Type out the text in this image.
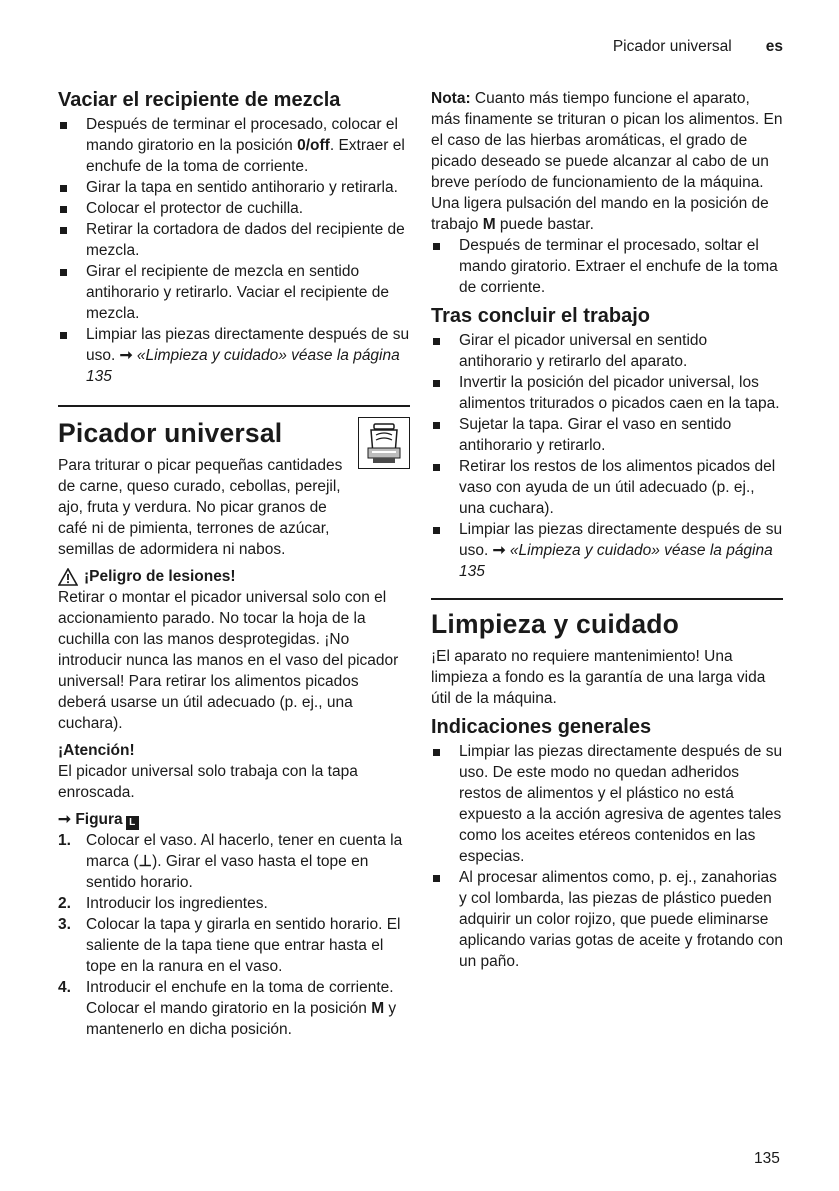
Picador universal es
Vaciar el recipiente de mezcla
Después de terminar el procesado, colocar el mando giratorio en la posición 0/off. Extraer el enchufe de la toma de corriente.
Girar la tapa en sentido antihorario y retirarla.
Colocar el protector de cuchilla.
Retirar la cortadora de dados del recipiente de mezcla.
Girar el recipiente de mezcla en sentido antihorario y retirarlo. Vaciar el recipiente de mezcla.
Limpiar las piezas directamente después de su uso. ➞ «Limpieza y cuidado» véase la página 135
Picador universal

Para triturar o picar pequeñas cantidades de carne, queso curado, cebollas, perejil, ajo, fruta y verdura. No picar granos de café ni de pimienta, terrones de azúcar, semillas de adormidera ni nabos.

¡Peligro de lesiones!

Retirar o montar el picador universal solo con el accionamiento parado. No tocar la hoja de la cuchilla con las manos desprotegidas. ¡No introducir nunca las manos en el vaso del picador universal! Para retirar los alimentos picados deberá usarse un útil adecuado (p. ej., una cuchara).

¡Atención!

El picador universal solo trabaja con la tapa enroscada.

➞ Figura L

1. Colocar el vaso. Al hacerlo, tener en cuenta la marca (⊥). Girar el vaso hasta el tope en sentido horario.
2. Introducir los ingredientes.
3. Colocar la tapa y girarla en sentido horario. El saliente de la tapa tiene que entrar hasta el tope en la ranura en el vaso.
4. Introducir el enchufe en la toma de corriente. Colocar el mando giratorio en la posición M y mantenerlo en dicha posición.

Nota: Cuanto más tiempo funcione el aparato, más finamente se trituran o pican los alimentos. En el caso de las hierbas aromáticas, el grado de picado deseado se puede alcanzar al cabo de un breve período de funcionamiento de la máquina. Una ligera pulsación del mando en la posición de trabajo M puede bastar.

Después de terminar el procesado, soltar el mando giratorio. Extraer el enchufe de la toma de corriente.
Tras concluir el trabajo
Girar el picador universal en sentido antihorario y retirarlo del aparato.
Invertir la posición del picador universal, los alimentos triturados o picados caen en la tapa.
Sujetar la tapa. Girar el vaso en sentido antihorario y retirarlo.
Retirar los restos de los alimentos picados del vaso con ayuda de un útil adecuado (p. ej., una cuchara).
Limpiar las piezas directamente después de su uso. ➞ «Limpieza y cuidado» véase la página 135
Limpieza y cuidado

¡El aparato no requiere mantenimiento! Una limpieza a fondo es la garantía de una larga vida útil de la máquina.

Indicaciones generales
Limpiar las piezas directamente después de su uso. De este modo no quedan adheridos restos de alimentos y el plástico no está expuesto a la acción agresiva de agentes tales como los aceites etéreos contenidos en las especias.
Al procesar alimentos como, p. ej., zanahorias y col lombarda, las piezas de plástico pueden adquirir un color rojizo, que puede eliminarse aplicando varias gotas de aceite y frotando con un paño.
135
